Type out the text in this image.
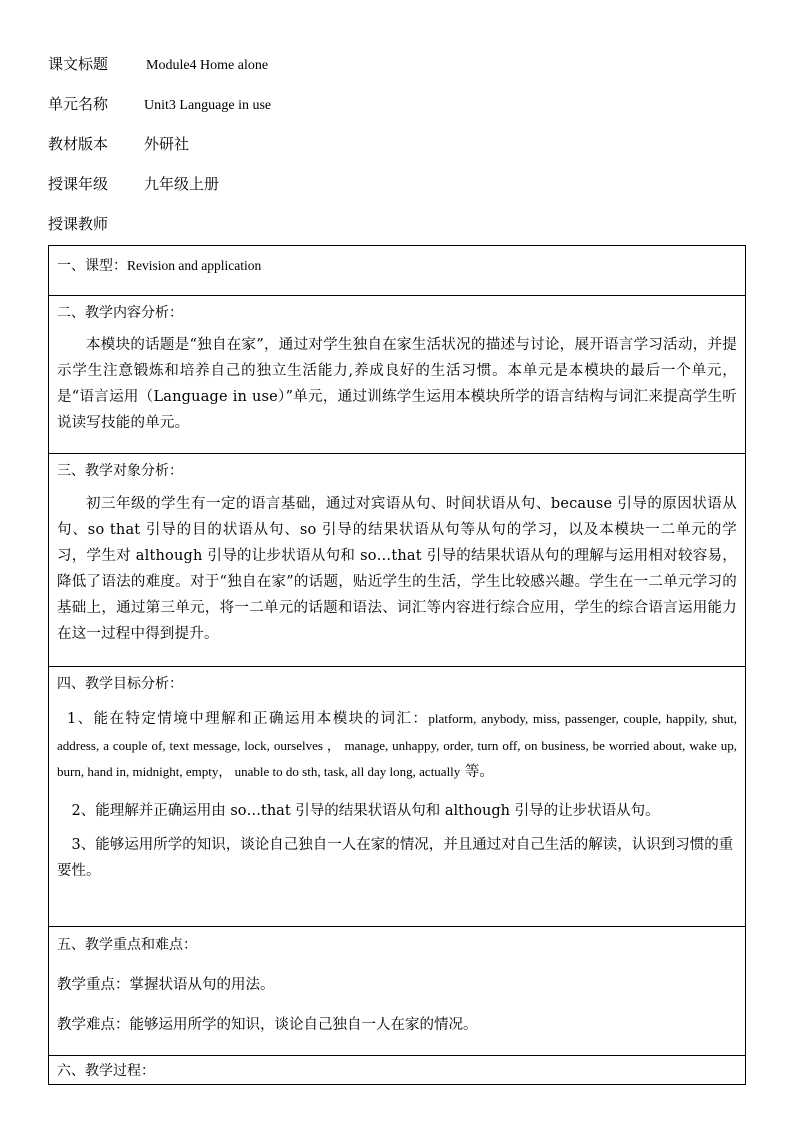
课文标题	Module4 Home alone
单元名称	Unit3 Language in use
教材版本 外研社
授课年级 九年级上册
授课教师
一、课型：Revision and application

二、教学内容分析：

本模块的话题是“独自在家”，通过对学生独自在家生活状况的描述与讨论，展开语言学习活动，并提示学生注意锻炼和培养自己的独立生活能力,养成良好的生活习惯。本单元是本模块的最后一个单元，是“语言运用（Language in use）”单元，通过训练学生运用本模块所学的语言结构与词汇来提高学生听说读写技能的单元。

三、教学对象分析：

初三年级的学生有一定的语言基础，通过对宾语从句、时间状语从句、because 引导的原因状语从句、so that 引导的目的状语从句、so 引导的结果状语从句等从句的学习，以及本模块一二单元的学习，学生对 although 引导的让步状语从句和 so…that 引导的结果状语从句的理解与运用相对较容易，降低了语法的难度。对于“独自在家”的话题，贴近学生的生活，学生比较感兴趣。学生在一二单元学习的基础上，通过第三单元，将一二单元的话题和语法、词汇等内容进行综合应用，学生的综合语言运用能力在这一过程中得到提升。

四、教学目标分析：

1、能在特定情境中理解和正确运用本模块的词汇：platform, anybody, miss, passenger, couple, happily, shut, address, a couple of, text message, lock, ourselves ， manage, unhappy, order, turn off, on business, be worried about, wake up, burn, hand in, midnight, empty， unable to do sth, task, all day long, actually 等。

2、能理解并正确运用由 so…that 引导的结果状语从句和 although 引导的让步状语从句。

3、能够运用所学的知识，谈论自己独自一人在家的情况，并且通过对自己生活的解读，认识到习惯的重要性。

五、教学重点和难点：

教学重点：掌握状语从句的用法。

教学难点：能够运用所学的知识，谈论自己独自一人在家的情况。

六、教学过程：
